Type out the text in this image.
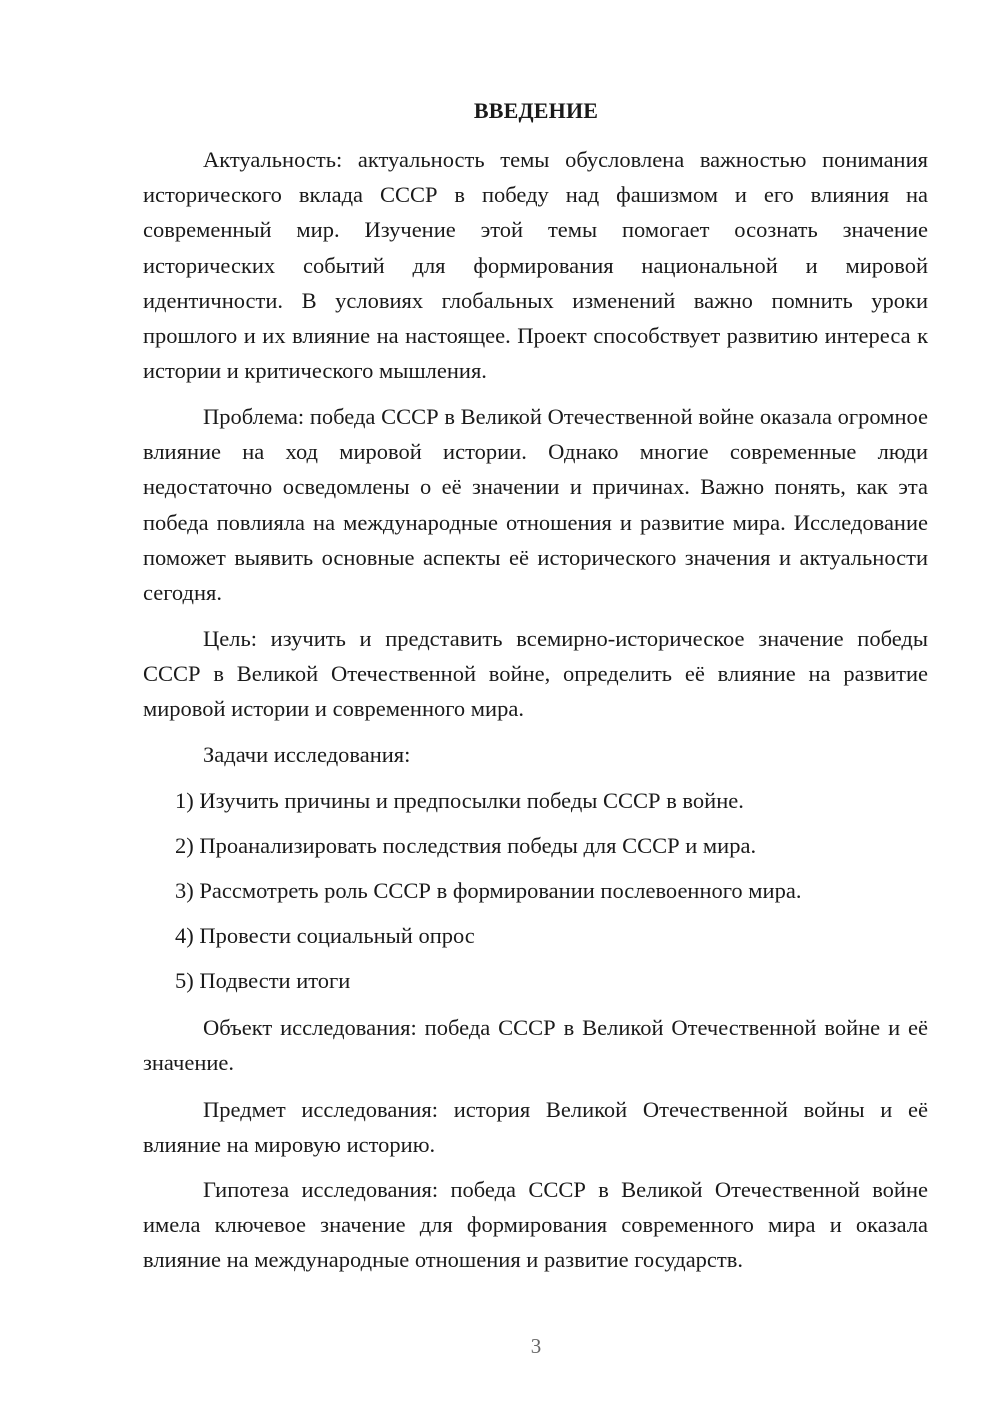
ВВЕДЕНИЕ

Актуальность: актуальность темы обусловлена важностью понимания исторического вклада СССР в победу над фашизмом и его влияния на современный мир. Изучение этой темы помогает осознать значение исторических событий для формирования национальной и мировой идентичности. В условиях глобальных изменений важно помнить уроки прошлого и их влияние на настоящее. Проект способствует развитию интереса к истории и критического мышления.

Проблема: победа СССР в Великой Отечественной войне оказала огромное влияние на ход мировой истории. Однако многие современные люди недостаточно осведомлены о её значении и причинах. Важно понять, как эта победа повлияла на международные отношения и развитие мира. Исследование поможет выявить основные аспекты её исторического значения и актуальности сегодня.

Цель: изучить и представить всемирно-историческое значение победы СССР в Великой Отечественной войне, определить её влияние на развитие мировой истории и современного мира.

Задачи исследования:

1) Изучить причины и предпосылки победы СССР в войне.

2) Проанализировать последствия победы для СССР и мира.

3) Рассмотреть роль СССР в формировании послевоенного мира.

4) Провести социальный опрос

5) Подвести итоги

Объект исследования: победа СССР в Великой Отечественной войне и её значение.

Предмет исследования: история Великой Отечественной войны и её влияние на мировую историю.

Гипотеза исследования: победа СССР в Великой Отечественной войне имела ключевое значение для формирования современного мира и оказала влияние на международные отношения и развитие государств.

3
